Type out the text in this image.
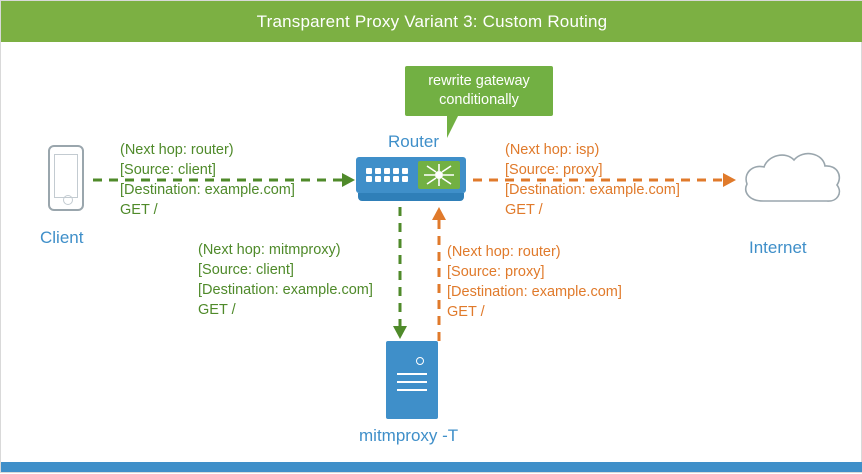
Transparent Proxy Variant 3: Custom Routing
Client
Router
Internet
mitmproxy -T
rewrite gateway
conditionally
(Next hop: router)
[Source: client]
[Destination: example.com]
GET /
(Next hop: isp)
[Source: proxy]
[Destination: example.com]
GET /
(Next hop: mitmproxy)
[Source: client]
[Destination: example.com]
GET /
(Next hop: router)
[Source: proxy]
[Destination: example.com]
GET /
